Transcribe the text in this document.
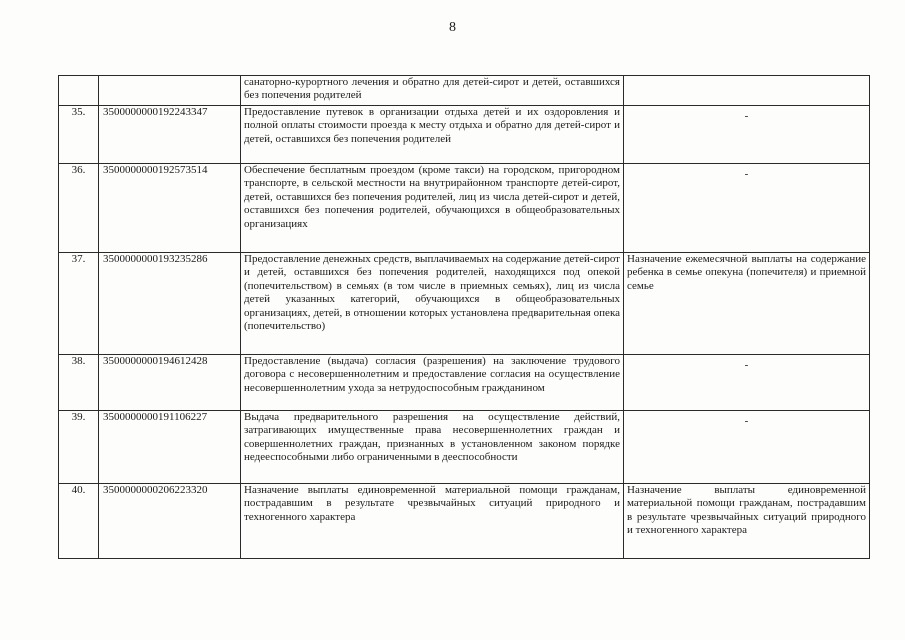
8
		санаторно-курортного лечения и обратно для детей-сирот и детей, оставшихся без попечения родителей	
35.	3500000000192243347	Предоставление путевок в организации отдыха детей и их оздоровления и полной оплаты стоимости проезда к месту отдыха и обратно для детей-сирот и детей, оставшихся без попечения родителей	-
36.	3500000000192573514	Обеспечение бесплатным проездом (кроме такси) на городском, пригородном транспорте, в сельской местности на внутрирайонном транспорте детей-сирот, детей, оставшихся без попечения родителей, лиц из числа детей-сирот и детей, оставшихся без попечения родителей, обучающихся в общеобразовательных организациях	-
37.	3500000000193235286	Предоставление денежных средств, выплачиваемых на содержание детей-сирот и детей, оставшихся без попечения родителей, находящихся под опекой (попечительством) в семьях (в том числе в приемных семьях), лиц из числа детей указанных категорий, обучающихся в общеобразовательных организациях, детей, в отношении которых установлена предварительная опека (попечительство)	Назначение ежемесячной выплаты на содержание ребенка в семье опекуна (попечителя) и приемной семье
38.	3500000000194612428	Предоставление (выдача) согласия (разрешения) на заключение трудового договора с несовершеннолетним и предоставление согласия на осуществление несовершеннолетним ухода за нетрудоспособным гражданином	-
39.	3500000000191106227	Выдача предварительного разрешения на осуществление действий, затрагивающих имущественные права несовершеннолетних граждан и совершеннолетних граждан, признанных в установленном законом порядке недееспособными либо ограниченными в дееспособности	-
40.	3500000000206223320	Назначение выплаты единовременной материальной помощи гражданам, пострадавшим в результате чрезвычайных ситуаций природного и техногенного характера	Назначение выплаты единовременной материальной помощи гражданам, пострадавшим в результате чрезвычайных ситуаций природного и техногенного характера
